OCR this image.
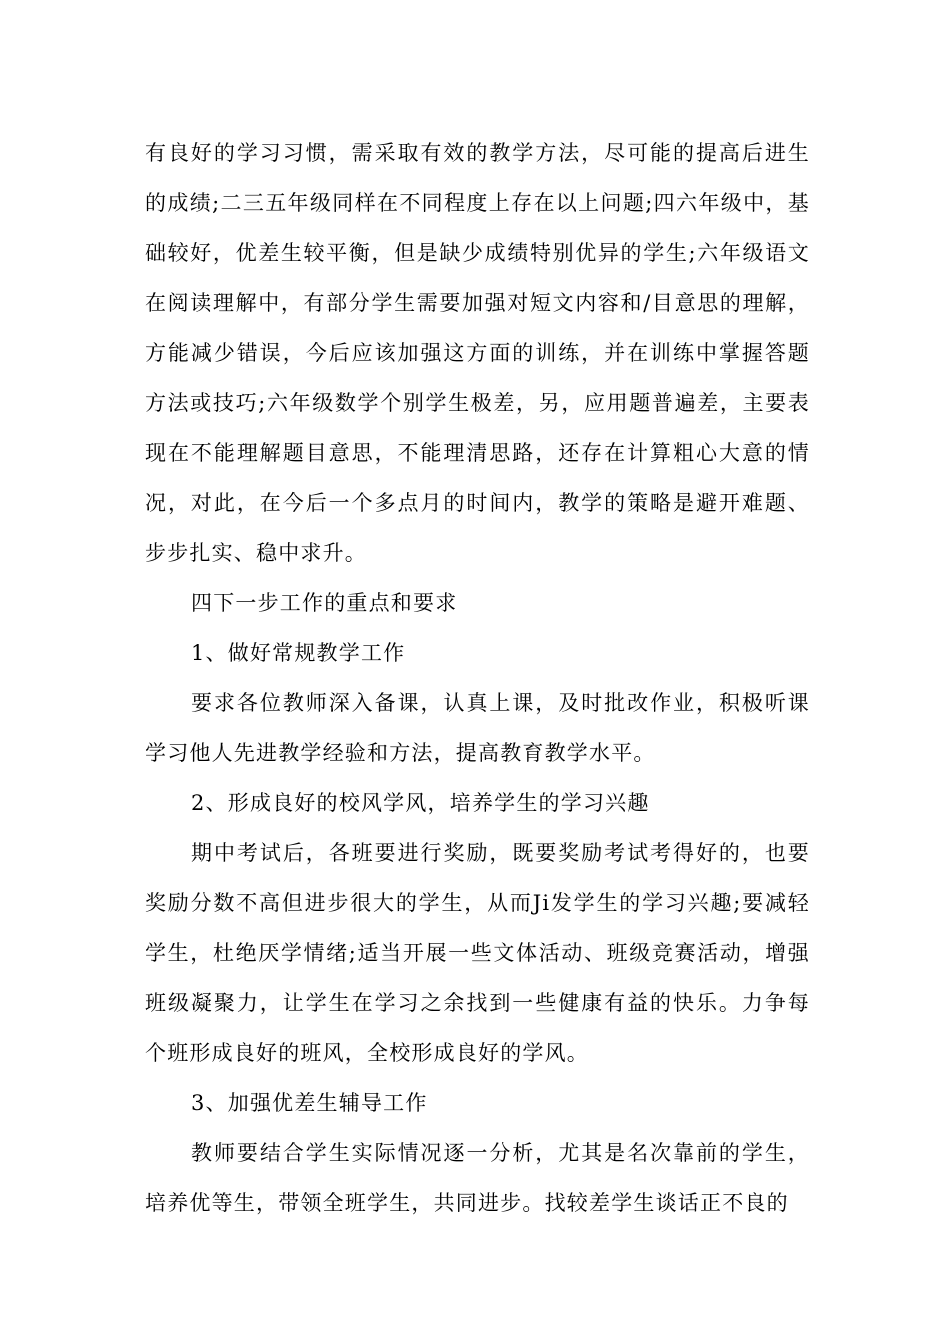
有良好的学习习惯，需采取有效的教学方法，尽可能的提高后进生的成绩;二三五年级同样在不同程度上存在以上问题;四六年级中，基础较好，优差生较平衡，但是缺少成绩特别优异的学生;六年级语文在阅读理解中，有部分学生需要加强对短文内容和/目意思的理解，方能减少错误，今后应该加强这方面的训练，并在训练中掌握答题方法或技巧;六年级数学个别学生极差，另，应用题普遍差，主要表现在不能理解题目意思，不能理清思路，还存在计算粗心大意的情况，对此，在今后一个多点月的时间内，教学的策略是避开难题、步步扎实、稳中求升。

四下一步工作的重点和要求

1、做好常规教学工作

要求各位教师深入备课，认真上课，及时批改作业，积极听课学习他人先进教学经验和方法，提高教育教学水平。

2、形成良好的校风学风，培养学生的学习兴趣

期中考试后，各班要进行奖励，既要奖励考试考得好的，也要奖励分数不高但进步很大的学生，从而Ji发学生的学习兴趣;要减轻学生，杜绝厌学情绪;适当开展一些文体活动、班级竞赛活动，增强班级凝聚力，让学生在学习之余找到一些健康有益的快乐。力争每个班形成良好的班风，全校形成良好的学风。

3、加强优差生辅导工作

教师要结合学生实际情况逐一分析，尤其是名次靠前的学生，培养优等生，带领全班学生，共同进步。找较差学生谈话正不良的
